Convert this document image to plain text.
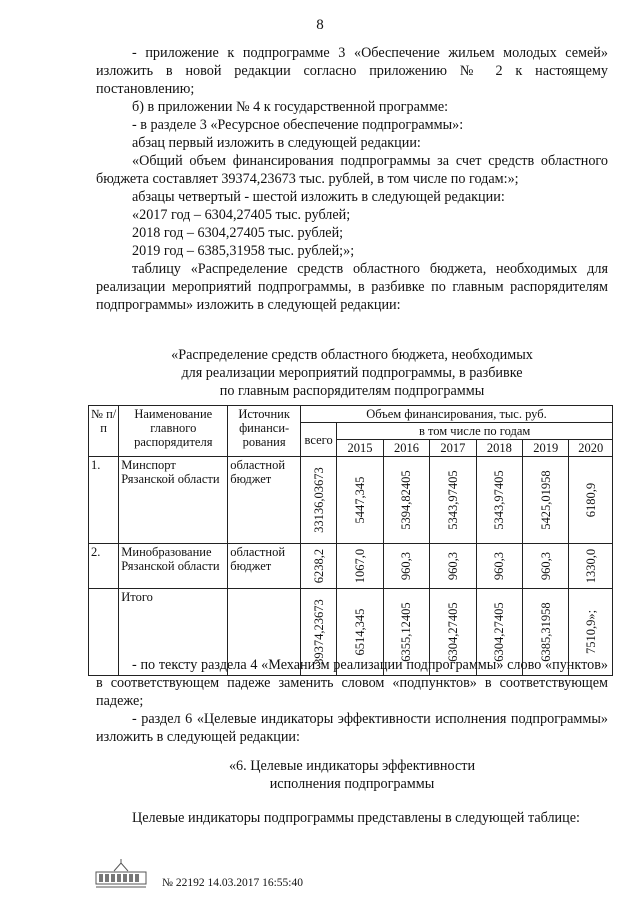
8

- приложение к подпрограмме 3 «Обеспечение жильем молодых семей» изложить в новой редакции согласно приложению № 2 к настоящему постановлению;

б) в приложении № 4 к государственной программе:

- в разделе 3 «Ресурсное обеспечение подпрограммы»:

абзац первый изложить в следующей редакции:

«Общий объем финансирования подпрограммы за счет средств областного бюджета составляет 39374,23673 тыс. рублей, в том числе по годам:»;

абзацы четвертый - шестой изложить в следующей редакции:

«2017 год – 6304,27405 тыс. рублей;

2018 год – 6304,27405 тыс. рублей;

2019 год – 6385,31958 тыс. рублей;»;

таблицу «Распределение средств областного бюджета, необходимых для реализации мероприятий подпрограммы, в разбивке по главным распорядителям подпрограммы» изложить в следующей редакции:

«Распределение средств областного бюджета, необходимых
для реализации мероприятий подпрограммы, в разбивке
по главным распорядителям подпрограммы
№ п/п	Наименование главного распорядителя	Источник финанси-рования	Объем финансирования, тыс. руб.						
			всего	в том числе по годам					
				2015	2016	2017	2018	2019	2020
1.	Минспорт Рязанской области	областной бюджет	33136,03673	5447,345	5394,82405	5343,97405	5343,97405	5425,01958	6180,9

2.	Минобразование Рязанской области	областной бюджет	6238,2	1067,0	960,3	960,3	960,3	960,3	1330,0

	Итого		39374,23673	6514,345	6355,12405	6304,27405	6304,27405	6385,31958	7510,9»;

- по тексту раздела 4 «Механизм реализации подпрограммы» слово «пунктов» в соответствующем падеже заменить словом «подпунктов» в соответствующем падеже;

- раздел 6 «Целевые индикаторы эффективности исполнения подпрограммы» изложить в следующей редакции:

«6. Целевые индикаторы эффективности
исполнения подпрограммы

Целевые индикаторы подпрограммы представлены в следующей таблице:

№ 22192 14.03.2017 16:55:40
